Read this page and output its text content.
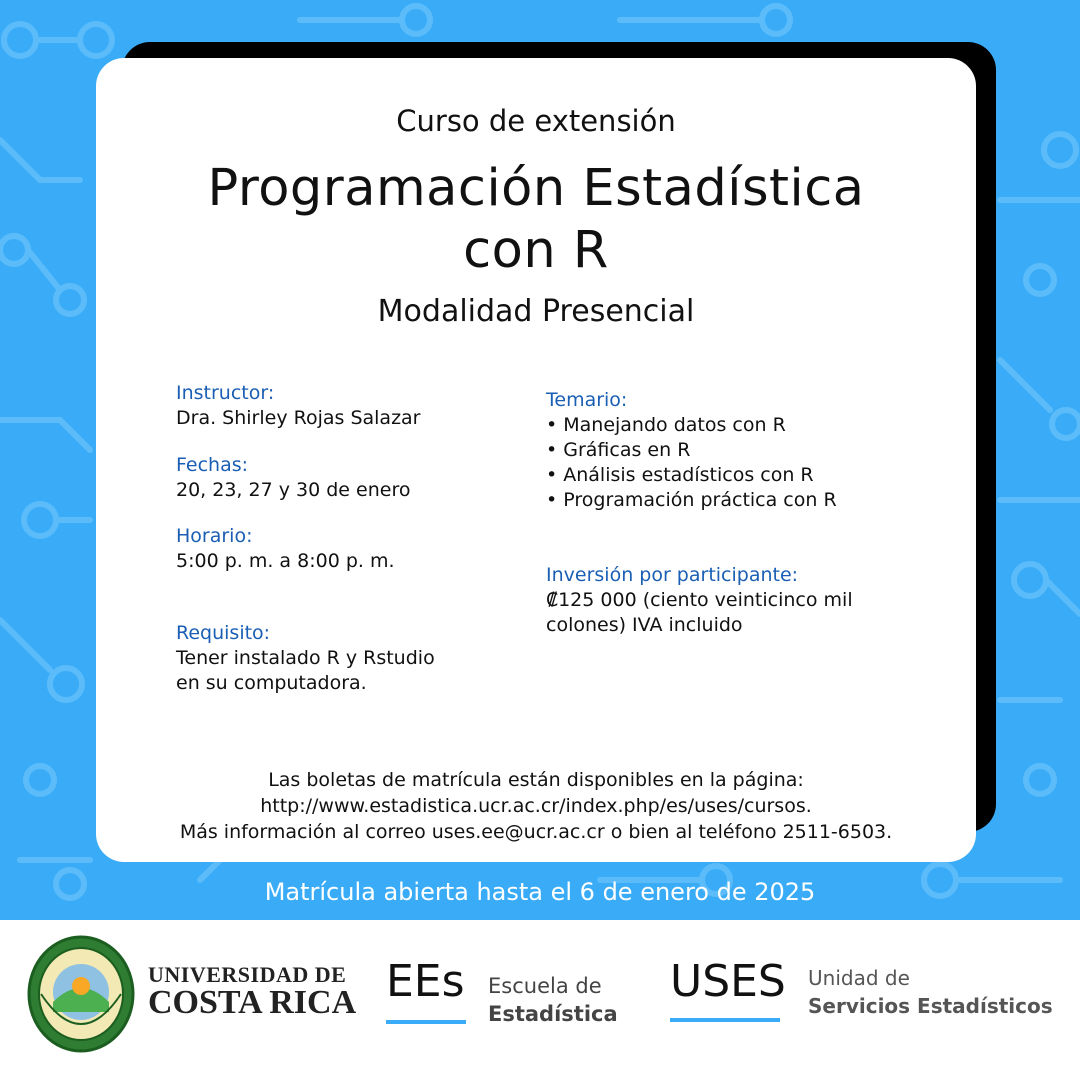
Curso de extensión
Programación Estadística
con R
Modalidad Presencial
Instructor:
Dra. Shirley Rojas Salazar
Fechas:
20, 23, 27 y 30 de enero
Horario:
5:00 p. m. a 8:00 p. m.
Requisito:
Tener instalado R y Rstudio
en su computadora.
Temario:
• Manejando datos con R
• Gráficas en R
• Análisis estadísticos con R
• Programación práctica con R
Inversión por participante:
₡125 000 (ciento veinticinco mil
colones) IVA incluido
Las boletas de matrícula están disponibles en la página:
http://www.estadistica.ucr.ac.cr/index.php/es/uses/cursos.
Más información al correo uses.ee@ucr.ac.cr o bien al teléfono 2511-6503.
Matrícula abierta hasta el 6 de enero de 2025
UNIVERSIDAD DE
COSTA RICA EEs Escuela de
Estadística
USES Unidad de
Servicios Estadísticos
